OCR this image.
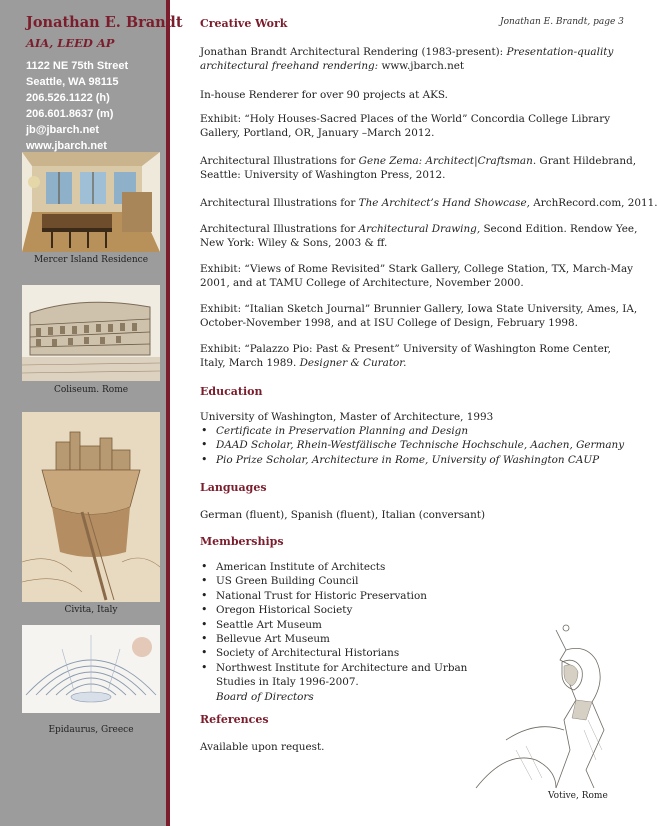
Jonathan E. Brandt
AIA, LEED AP
1122 NE 75th Street
Seattle, WA 98115
206.526.1122 (h)
206.601.8637 (m)
jb@jbarch.net
www.jbarch.net
Mercer Island Residence
Coliseum. Rome
Civita, Italy
Epidaurus, Greece
Jonathan E. Brandt, page 3
Creative Work
Jonathan Brandt Architectural Rendering (1983-present): Presentation-quality
architectural freehand rendering: www.jbarch.net
In-house Renderer for over 90 projects at AKS.
Exhibit: “Holy Houses-Sacred Places of the World” Concordia College Library
Gallery, Portland, OR, January –March 2012.
Architectural Illustrations for Gene Zema: Architect|Craftsman. Grant Hildebrand,
Seattle: University of Washington Press, 2012.
Architectural Illustrations for The Architect’s Hand Showcase, ArchRecord.com, 2011.
Architectural Illustrations for Architectural Drawing, Second Edition. Rendow Yee,
New York: Wiley & Sons, 2003 & ff.
Exhibit: “Views of Rome Revisited” Stark Gallery, College Station, TX, March-May
2001, and at TAMU College of Architecture, November 2000.
Exhibit: “Italian Sketch Journal” Brunnier Gallery, Iowa State University, Ames, IA,
October-November 1998, and at ISU College of Design, February 1998.
Exhibit: “Palazzo Pio: Past & Present” University of Washington Rome Center,
Italy, March 1989. Designer & Curator.
Education
University of Washington, Master of Architecture, 1993
• Certificate in Preservation Planning and Design
• DAAD Scholar, Rhein-Westfälische Technische Hochschule, Aachen, Germany
• Pio Prize Scholar, Architecture in Rome, University of Washington CAUP
Languages
German (fluent), Spanish (fluent), Italian (conversant)
Memberships
• American Institute of Architects
• US Green Building Council
• National Trust for Historic Preservation
• Oregon Historical Society
• Seattle Art Museum
• Bellevue Art Museum
• Society of Architectural Historians
• Northwest Institute for Architecture and Urban
Studies in Italy 1996-2007.
Board of Directors
References
Available upon request.
Votive, Rome
